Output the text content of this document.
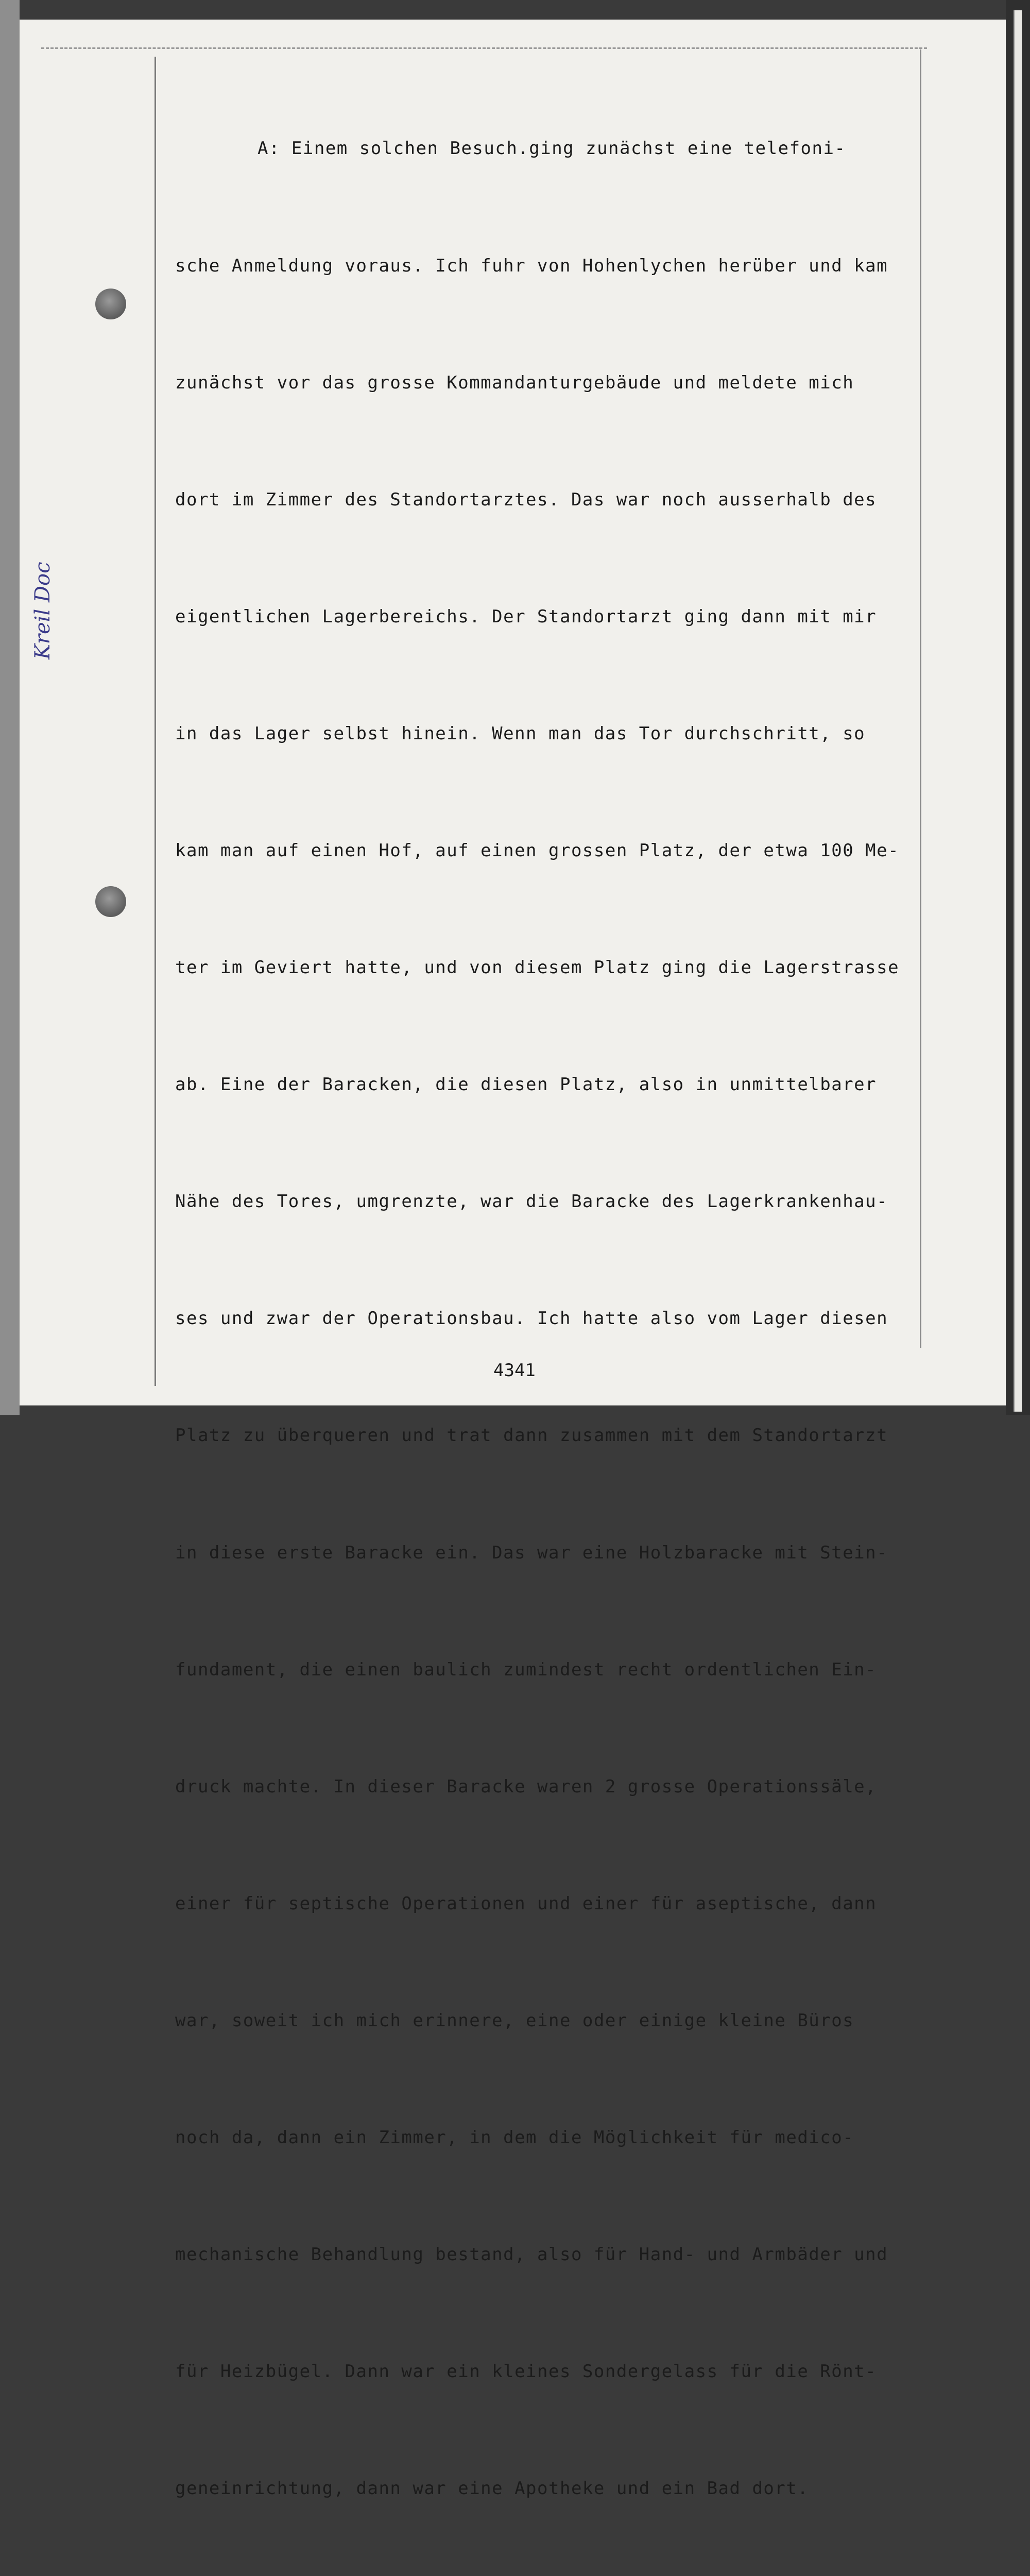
Kreil Doc

A: Einem solchen Besuch.ging zunächst eine telefoni-

sche Anmeldung voraus. Ich fuhr von Hohenlychen herüber und kam

zunächst vor das grosse Kommandanturgebäude und meldete mich

dort im Zimmer des Standortarztes. Das war noch ausserhalb des

eigentlichen Lagerbereichs. Der Standortarzt ging dann mit mir

in das Lager selbst hinein. Wenn man das Tor durchschritt, so

kam man auf einen Hof, auf einen grossen Platz, der etwa 100 Me-

ter im Geviert hatte, und von diesem Platz ging die Lagerstrasse

ab. Eine der Baracken, die diesen Platz, also in unmittelbarer

Nähe des Tores, umgrenzte, war die Baracke des Lagerkrankenhau-

ses und zwar der Operationsbau. Ich hatte also vom Lager diesen

Platz zu überqueren und trat dann zusammen mit dem Standortarzt

in diese erste Baracke ein. Das war eine Holzbaracke mit Stein-

fundament, die einen baulich zumindest recht ordentlichen Ein-

druck machte. In dieser Baracke waren 2 grosse Operationssäle,

einer für septische Operationen und einer für aseptische, dann

war, soweit ich mich erinnere, eine oder einige kleine Büros

noch da, dann ein Zimmer, in dem die Möglichkeit für medico-

mechanische Behandlung bestand, also für Hand- und Armbäder und

für Heizbügel. Dann war ein kleines Sondergelass für die Rönt-

geneinrichtung, dann war eine Apotheke und ein Bad dort.

4341
